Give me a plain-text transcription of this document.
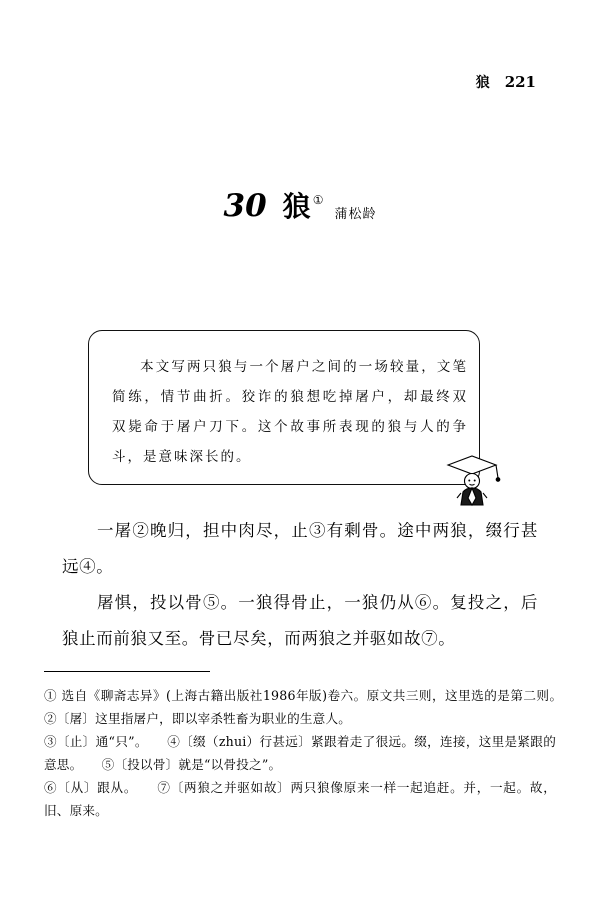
狼 221
30 狼 ①
蒲松龄
本文写两只狼与一个屠户之间的一场较量，文笔简练，情节曲折。狡诈的狼想吃掉屠户，却最终双双毙命于屠户刀下。这个故事所表现的狼与人的争斗，是意味深长的。

一屠②晚归，担中肉尽，止③有剩骨。途中两狼，缀行甚远④。

屠惧，投以骨⑤。一狼得骨止，一狼仍从⑥。复投之，后狼止而前狼又至。骨已尽矣，而两狼之并驱如故⑦。

① 选自《聊斋志异》(上海古籍出版社1986年版)卷六。原文共三则，这里选的是第二则。　　②〔屠〕这里指屠户，即以宰杀牲畜为职业的生意人。

③〔止〕通“只”。　　④〔缀（zhui）行甚远〕紧跟着走了很远。缀，连接，这里是紧跟的意思。　　⑤〔投以骨〕就是“以骨投之”。

⑥〔从〕跟从。　　⑦〔两狼之并驱如故〕两只狼像原来一样一起追赶。并，一起。故，旧、原来。
